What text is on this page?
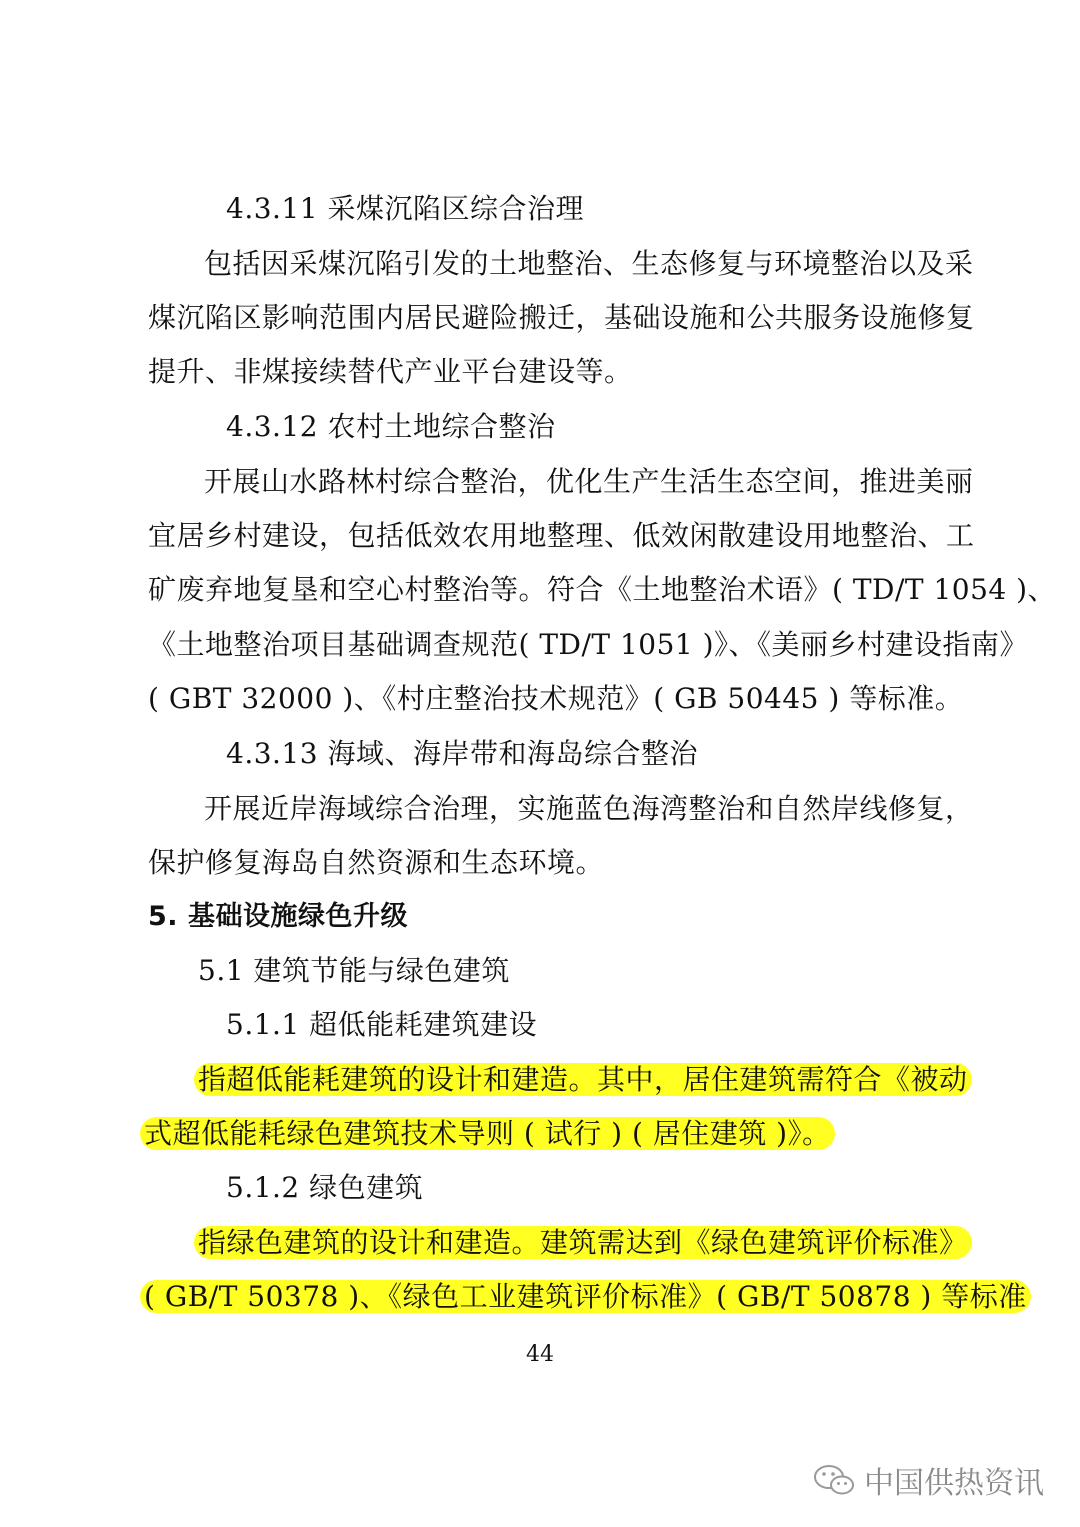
4.3.11 采煤沉陷区综合治理
包括因采煤沉陷引发的土地整治、生态修复与环境整治以及采
煤沉陷区影响范围内居民避险搬迁，基础设施和公共服务设施修复
提升、非煤接续替代产业平台建设等。
4.3.12 农村土地综合整治
开展山水路林村综合整治，优化生产生活生态空间，推进美丽
宜居乡村建设，包括低效农用地整理、低效闲散建设用地整治、工
矿废弃地复垦和空心村整治等。符合《土地整治术语》( TD/T 1054 )、
《土地整治项目基础调查规范( TD/T 1051 )》、《美丽乡村建设指南》
( GBT 32000 )、《村庄整治技术规范》( GB 50445 ) 等标准。
4.3.13 海域、海岸带和海岛综合整治
开展近岸海域综合治理，实施蓝色海湾整治和自然岸线修复，
保护修复海岛自然资源和生态环境。
5. 基础设施绿色升级
5.1 建筑节能与绿色建筑
5.1.1 超低能耗建筑建设
指超低能耗建筑的设计和建造。其中，居住建筑需符合《被动
式超低能耗绿色建筑技术导则 ( 试行 ) ( 居住建筑 )》。
5.1.2 绿色建筑
指绿色建筑的设计和建造。建筑需达到《绿色建筑评价标准》
( GB/T 50378 )、《绿色工业建筑评价标准》( GB/T 50878 ) 等标准
44
中国供热资讯
